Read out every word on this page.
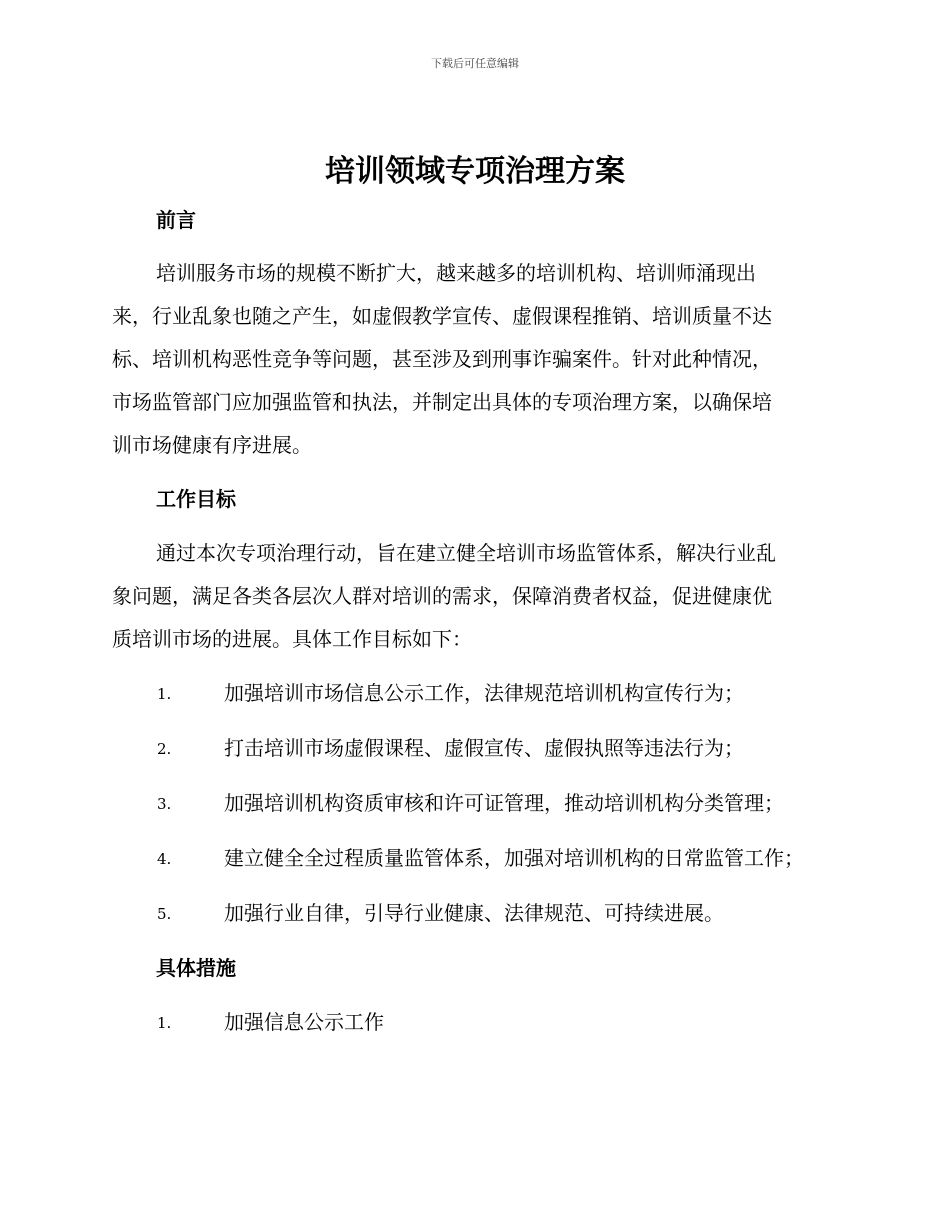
下载后可任意编辑
培训领域专项治理方案
前言
培训服务市场的规模不断扩大，越来越多的培训机构、培训师涌现出
来，行业乱象也随之产生，如虚假教学宣传、虚假课程推销、培训质量不达
标、培训机构恶性竞争等问题，甚至涉及到刑事诈骗案件。针对此种情况，
市场监管部门应加强监管和执法，并制定出具体的专项治理方案，以确保培
训市场健康有序进展。
工作目标
通过本次专项治理行动，旨在建立健全培训市场监管体系，解决行业乱
象问题，满足各类各层次人群对培训的需求，保障消费者权益，促进健康优
质培训市场的进展。具体工作目标如下：
1.	加强培训市场信息公示工作，法律规范培训机构宣传行为；
2.	打击培训市场虚假课程、虚假宣传、虚假执照等违法行为；
3.	加强培训机构资质审核和许可证管理，推动培训机构分类管理；
4.	建立健全全过程质量监管体系，加强对培训机构的日常监管工作；
5.	加强行业自律，引导行业健康、法律规范、可持续进展。
具体措施
1.	加强信息公示工作
